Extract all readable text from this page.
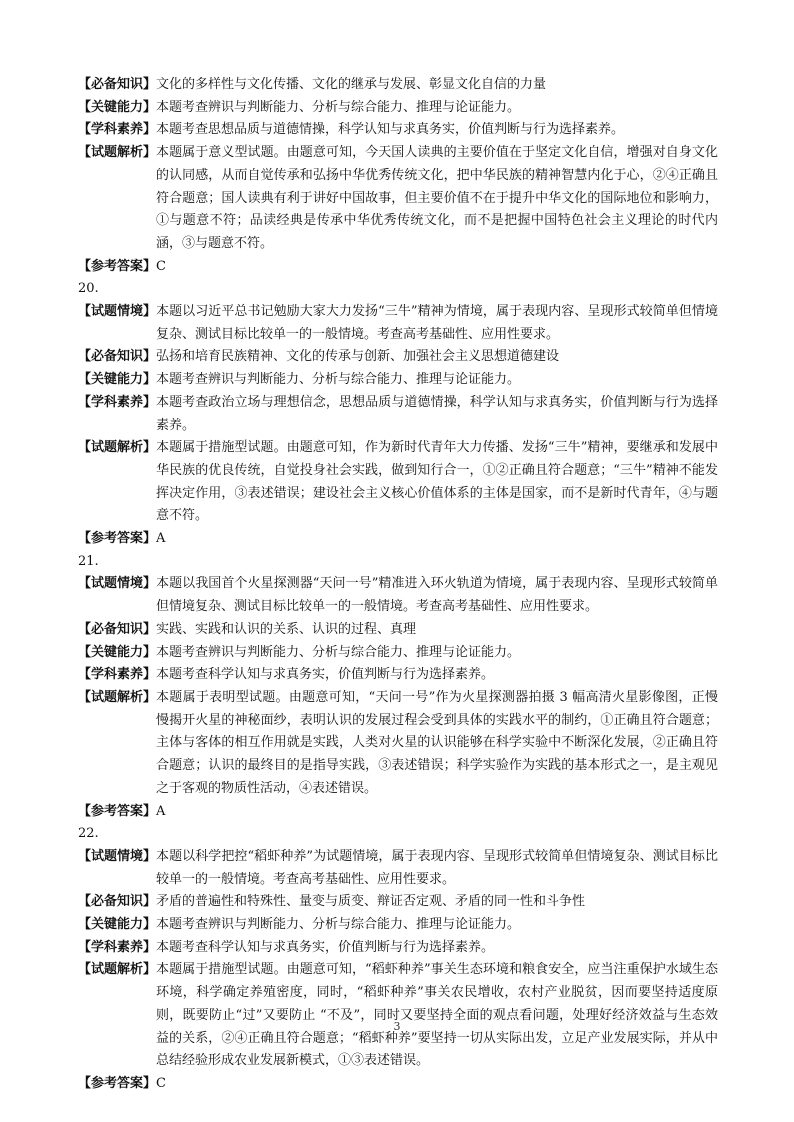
【必备知识】 文化的多样性与文化传播、文化的继承与发展、彰显文化自信的力量
【关键能力】 本题考查辨识与判断能力、分析与综合能力、推理与论证能力。
【学科素养】 本题考查思想品质与道德情操，科学认知与求真务实，价值判断与行为选择素养。
【试题解析】 本题属于意义型试题。由题意可知，今天国人读典的主要价值在于坚定文化自信，增强对自身文化的认同感，从而自觉传承和弘扬中华优秀传统文化，把中华民族的精神智慧内化于心，②④正确且符合题意；国人读典有利于讲好中国故事，但主要价值不在于提升中华文化的国际地位和影响力，①与题意不符；品读经典是传承中华优秀传统文化，而不是把握中国特色社会主义理论的时代内涵，③与题意不符。
【参考答案】 C
20.
【试题情境】 本题以习近平总书记勉励大家大力发扬“三牛”精神为情境，属于表现内容、呈现形式较简单但情境复杂、测试目标比较单一的一般情境。考查高考基础性、应用性要求。
【必备知识】 弘扬和培育民族精神、文化的传承与创新、加强社会主义思想道德建设
【关键能力】 本题考查辨识与判断能力、分析与综合能力、推理与论证能力。
【学科素养】 本题考查政治立场与理想信念，思想品质与道德情操，科学认知与求真务实，价值判断与行为选择素养。
【试题解析】 本题属于措施型试题。由题意可知，作为新时代青年大力传播、发扬“三牛”精神，要继承和发展中华民族的优良传统，自觉投身社会实践，做到知行合一，①②正确且符合题意；“三牛”精神不能发挥决定作用，③表述错误；建设社会主义核心价值体系的主体是国家，而不是新时代青年，④与题意不符。
【参考答案】 A
21.
【试题情境】 本题以我国首个火星探测器“天问一号”精准进入环火轨道为情境，属于表现内容、呈现形式较简单但情境复杂、测试目标比较单一的一般情境。考查高考基础性、应用性要求。
【必备知识】 实践、实践和认识的关系、认识的过程、真理
【关键能力】 本题考查辨识与判断能力、分析与综合能力、推理与论证能力。
【学科素养】 本题考查科学认知与求真务实，价值判断与行为选择素养。
【试题解析】 本题属于表明型试题。由题意可知，“天问一号”作为火星探测器拍摄 3 幅高清火星影像图，正慢慢揭开火星的神秘面纱，表明认识的发展过程会受到具体的实践水平的制约，①正确且符合题意；主体与客体的相互作用就是实践，人类对火星的认识能够在科学实验中不断深化发展，②正确且符合题意；认识的最终目的是指导实践，③表述错误；科学实验作为实践的基本形式之一，是主观见之于客观的物质性活动，④表述错误。
【参考答案】 A
22.
【试题情境】 本题以科学把控“稻虾种养”为试题情境，属于表现内容、呈现形式较简单但情境复杂、测试目标比较单一的一般情境。考查高考基础性、应用性要求。
【必备知识】 矛盾的普遍性和特殊性、量变与质变、辩证否定观、矛盾的同一性和斗争性
【关键能力】 本题考查辨识与判断能力、分析与综合能力、推理与论证能力。
【学科素养】 本题考查科学认知与求真务实，价值判断与行为选择素养。
【试题解析】 本题属于措施型试题。由题意可知，“稻虾种养”事关生态环境和粮食安全，应当注重保护水域生态环境，科学确定养殖密度，同时，“稻虾种养”事关农民增收，农村产业脱贫，因而要坚持适度原则，既要防止“过”又要防止 “不及”，同时又要坚持全面的观点看问题，处理好经济效益与生态效益的关系，②④正确且符合题意；“稻虾种养”要坚持一切从实际出发，立足产业发展实际，并从中总结经验形成农业发展新模式，①③表述错误。
【参考答案】 C
3
